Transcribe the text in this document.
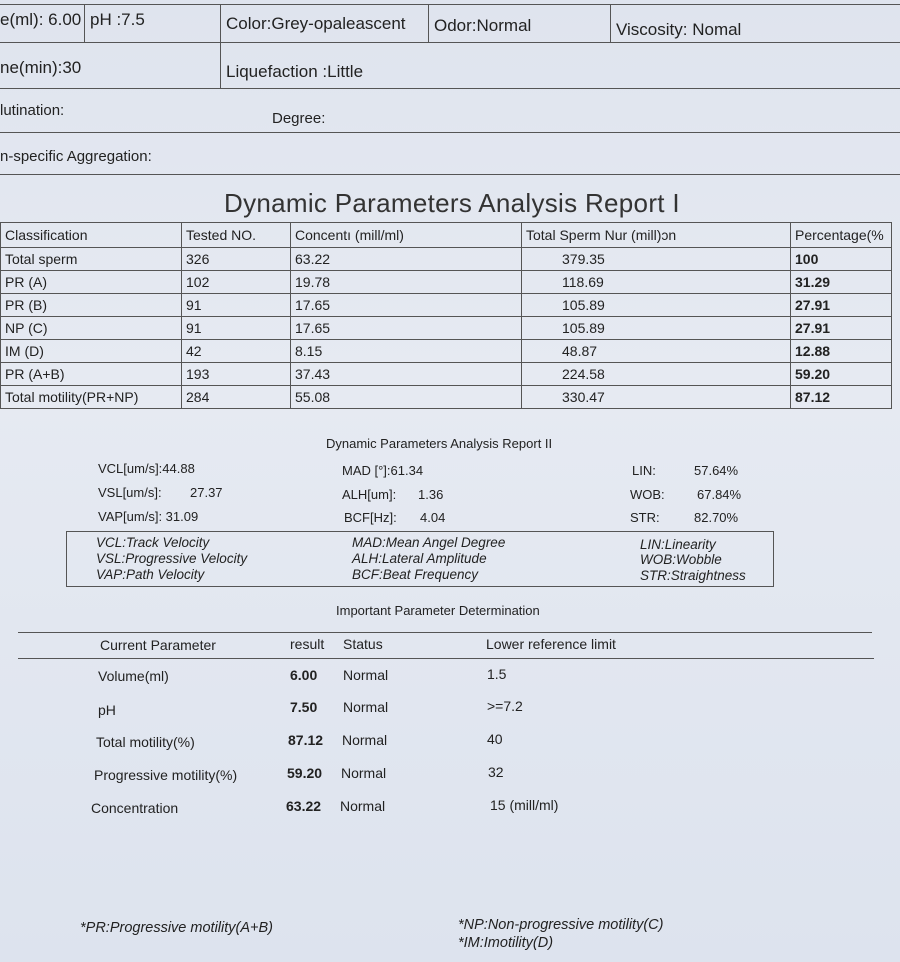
e(ml): 6.00 pH :7.5	Color:Grey-opaleascent Odor:Normal	Viscosity: Nomal
ne(min):30	Liquefaction :Little
lutination:	Degree:
n-specific Aggregation:
Dynamic Parameters Analysis Report I
Classification	Tested NO.	Concentı (mill/ml)	Total Sperm Nur (mill)ɔn	Percentage(%
Total sperm	326	63.22	379.35	100
PR (A)	102	19.78	118.69	31.29
PR (B)	91	17.65	105.89	27.91
NP (C)	91	17.65	105.89	27.91
IM (D)	42	8.15	48.87	12.88
PR (A+B)	193	37.43	224.58	59.20
Total motility(PR+NP)	284	55.08	330.47	87.12
Dynamic Parameters Analysis Report II
VCL[um/s]:44.88	MAD [°]:61.34	LIN:	57.64%
VSL[um/s]: 27.37	ALH[um]: 1.36	WOB: 67.84%
VAP[um/s]: 31.09	BCF[Hz]: 4.04	STR:	82.70%
VCL:Track Velocity
VSL:Progressive Velocity
VAP:Path Velocity
MAD:Mean Angel Degree
ALH:Lateral Amplitude
BCF:Beat Frequency
LIN:Linearity
WOB:Wobble
STR:Straightness
Important Parameter Determination
Current Parameter	result Status	Lower reference limit
Volume(ml)	6.00 Normal	1.5
pH	7.50 Normal	>=7.2
Total motility(%)	87.12 Normal	40
Progressive motility(%)	59.20 Normal	32
Concentration	63.22 Normal	15 (mill/ml)
*PR:Progressive motility(A+B)	*NP:Non-progressive motility(C)
*IM:Imotility(D)
